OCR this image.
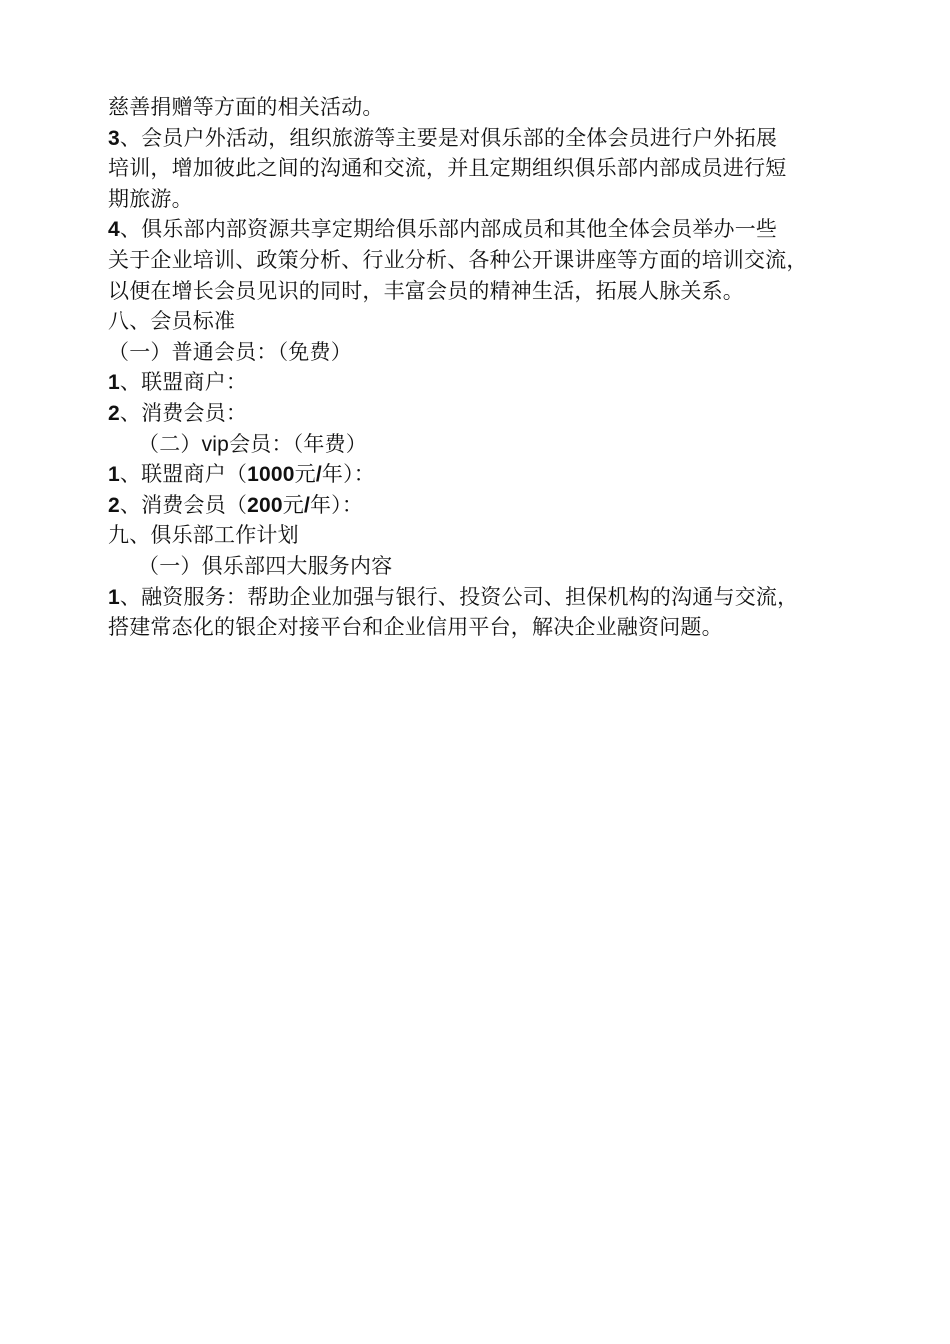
慈善捐赠等方面的相关活动。
3、会员户外活动，组织旅游等主要是对俱乐部的全体会员进行户外拓展
培训，增加彼此之间的沟通和交流，并且定期组织俱乐部内部成员进行短
期旅游。
4、俱乐部内部资源共享定期给俱乐部内部成员和其他全体会员举办一些
关于企业培训、政策分析、行业分析、各种公开课讲座等方面的培训交流，
以便在增长会员见识的同时，丰富会员的精神生活，拓展人脉关系。
八、会员标准
（一）普通会员：（免费）
1、联盟商户：
2、消费会员：
（二）vip会员：（年费）
1、联盟商户（1000元/年）：
2、消费会员（200元/年）：
九、俱乐部工作计划
（一）俱乐部四大服务内容
1、融资服务：帮助企业加强与银行、投资公司、担保机构的沟通与交流，
搭建常态化的银企对接平台和企业信用平台，解决企业融资问题。
